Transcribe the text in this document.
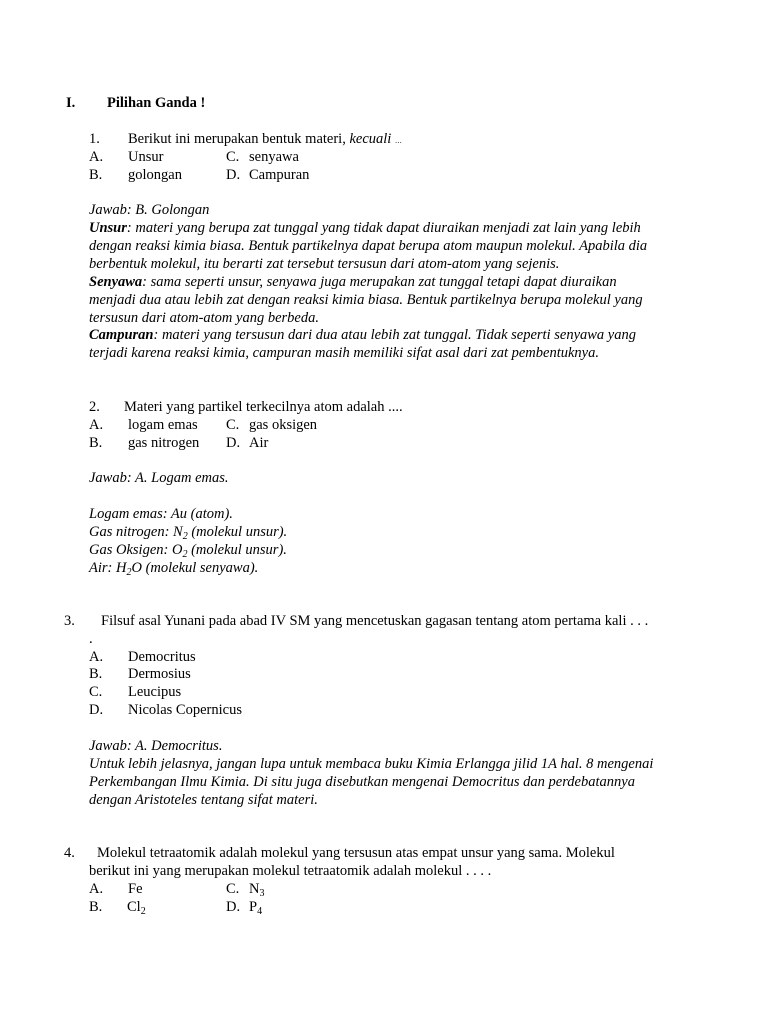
I. Pilihan Ganda !
1. Berikut ini merupakan bentuk materi, kecuali ...
A. Unsur	C. senyawa
B. golongan	D. Campuran
Jawab: B. Golongan
Unsur: materi yang berupa zat tunggal yang tidak dapat diuraikan menjadi zat lain yang lebih
dengan reaksi kimia biasa. Bentuk partikelnya dapat berupa atom maupun molekul. Apabila dia
berbentuk molekul, itu berarti zat tersebut tersusun dari atom-atom yang sejenis.
Senyawa: sama seperti unsur, senyawa juga merupakan zat tunggal tetapi dapat diuraikan
menjadi dua atau lebih zat dengan reaksi kimia biasa. Bentuk partikelnya berupa molekul yang
tersusun dari atom-atom yang berbeda.
Campuran: materi yang tersusun dari dua atau lebih zat tunggal. Tidak seperti senyawa yang
terjadi karena reaksi kimia, campuran masih memiliki sifat asal dari zat pembentuknya.
2. Materi yang partikel terkecilnya atom adalah ....
A. logam emas C. gas oksigen
B. gas nitrogen D. Air
Jawab: A. Logam emas.
Logam emas: Au (atom).
Gas nitrogen: $N_2$ (molekul unsur).
Gas Oksigen: $O_2$ (molekul unsur).
Air: $H_2O$ (molekul senyawa).
3. Filsuf asal Yunani pada abad IV SM yang mencetuskan gagasan tentang atom pertama kali . . .
.
A. Democritus
B. Dermosius
C. Leucipus
D. Nicolas Copernicus
Jawab: A. Democritus.
Untuk lebih jelasnya, jangan lupa untuk membaca buku Kimia Erlangga jilid 1A hal. 8 mengenai
Perkembangan Ilmu Kimia. Di situ juga disebutkan mengenai Democritus dan perdebatannya
dengan Aristoteles tentang sifat materi.
4. Molekul tetraatomik adalah molekul yang tersusun atas empat unsur yang sama. Molekul
berikut ini yang merupakan molekul tetraatomik adalah molekul . . . .
A. Fe	C. $N_3$
B. $Cl_2$	D. $P_4$
